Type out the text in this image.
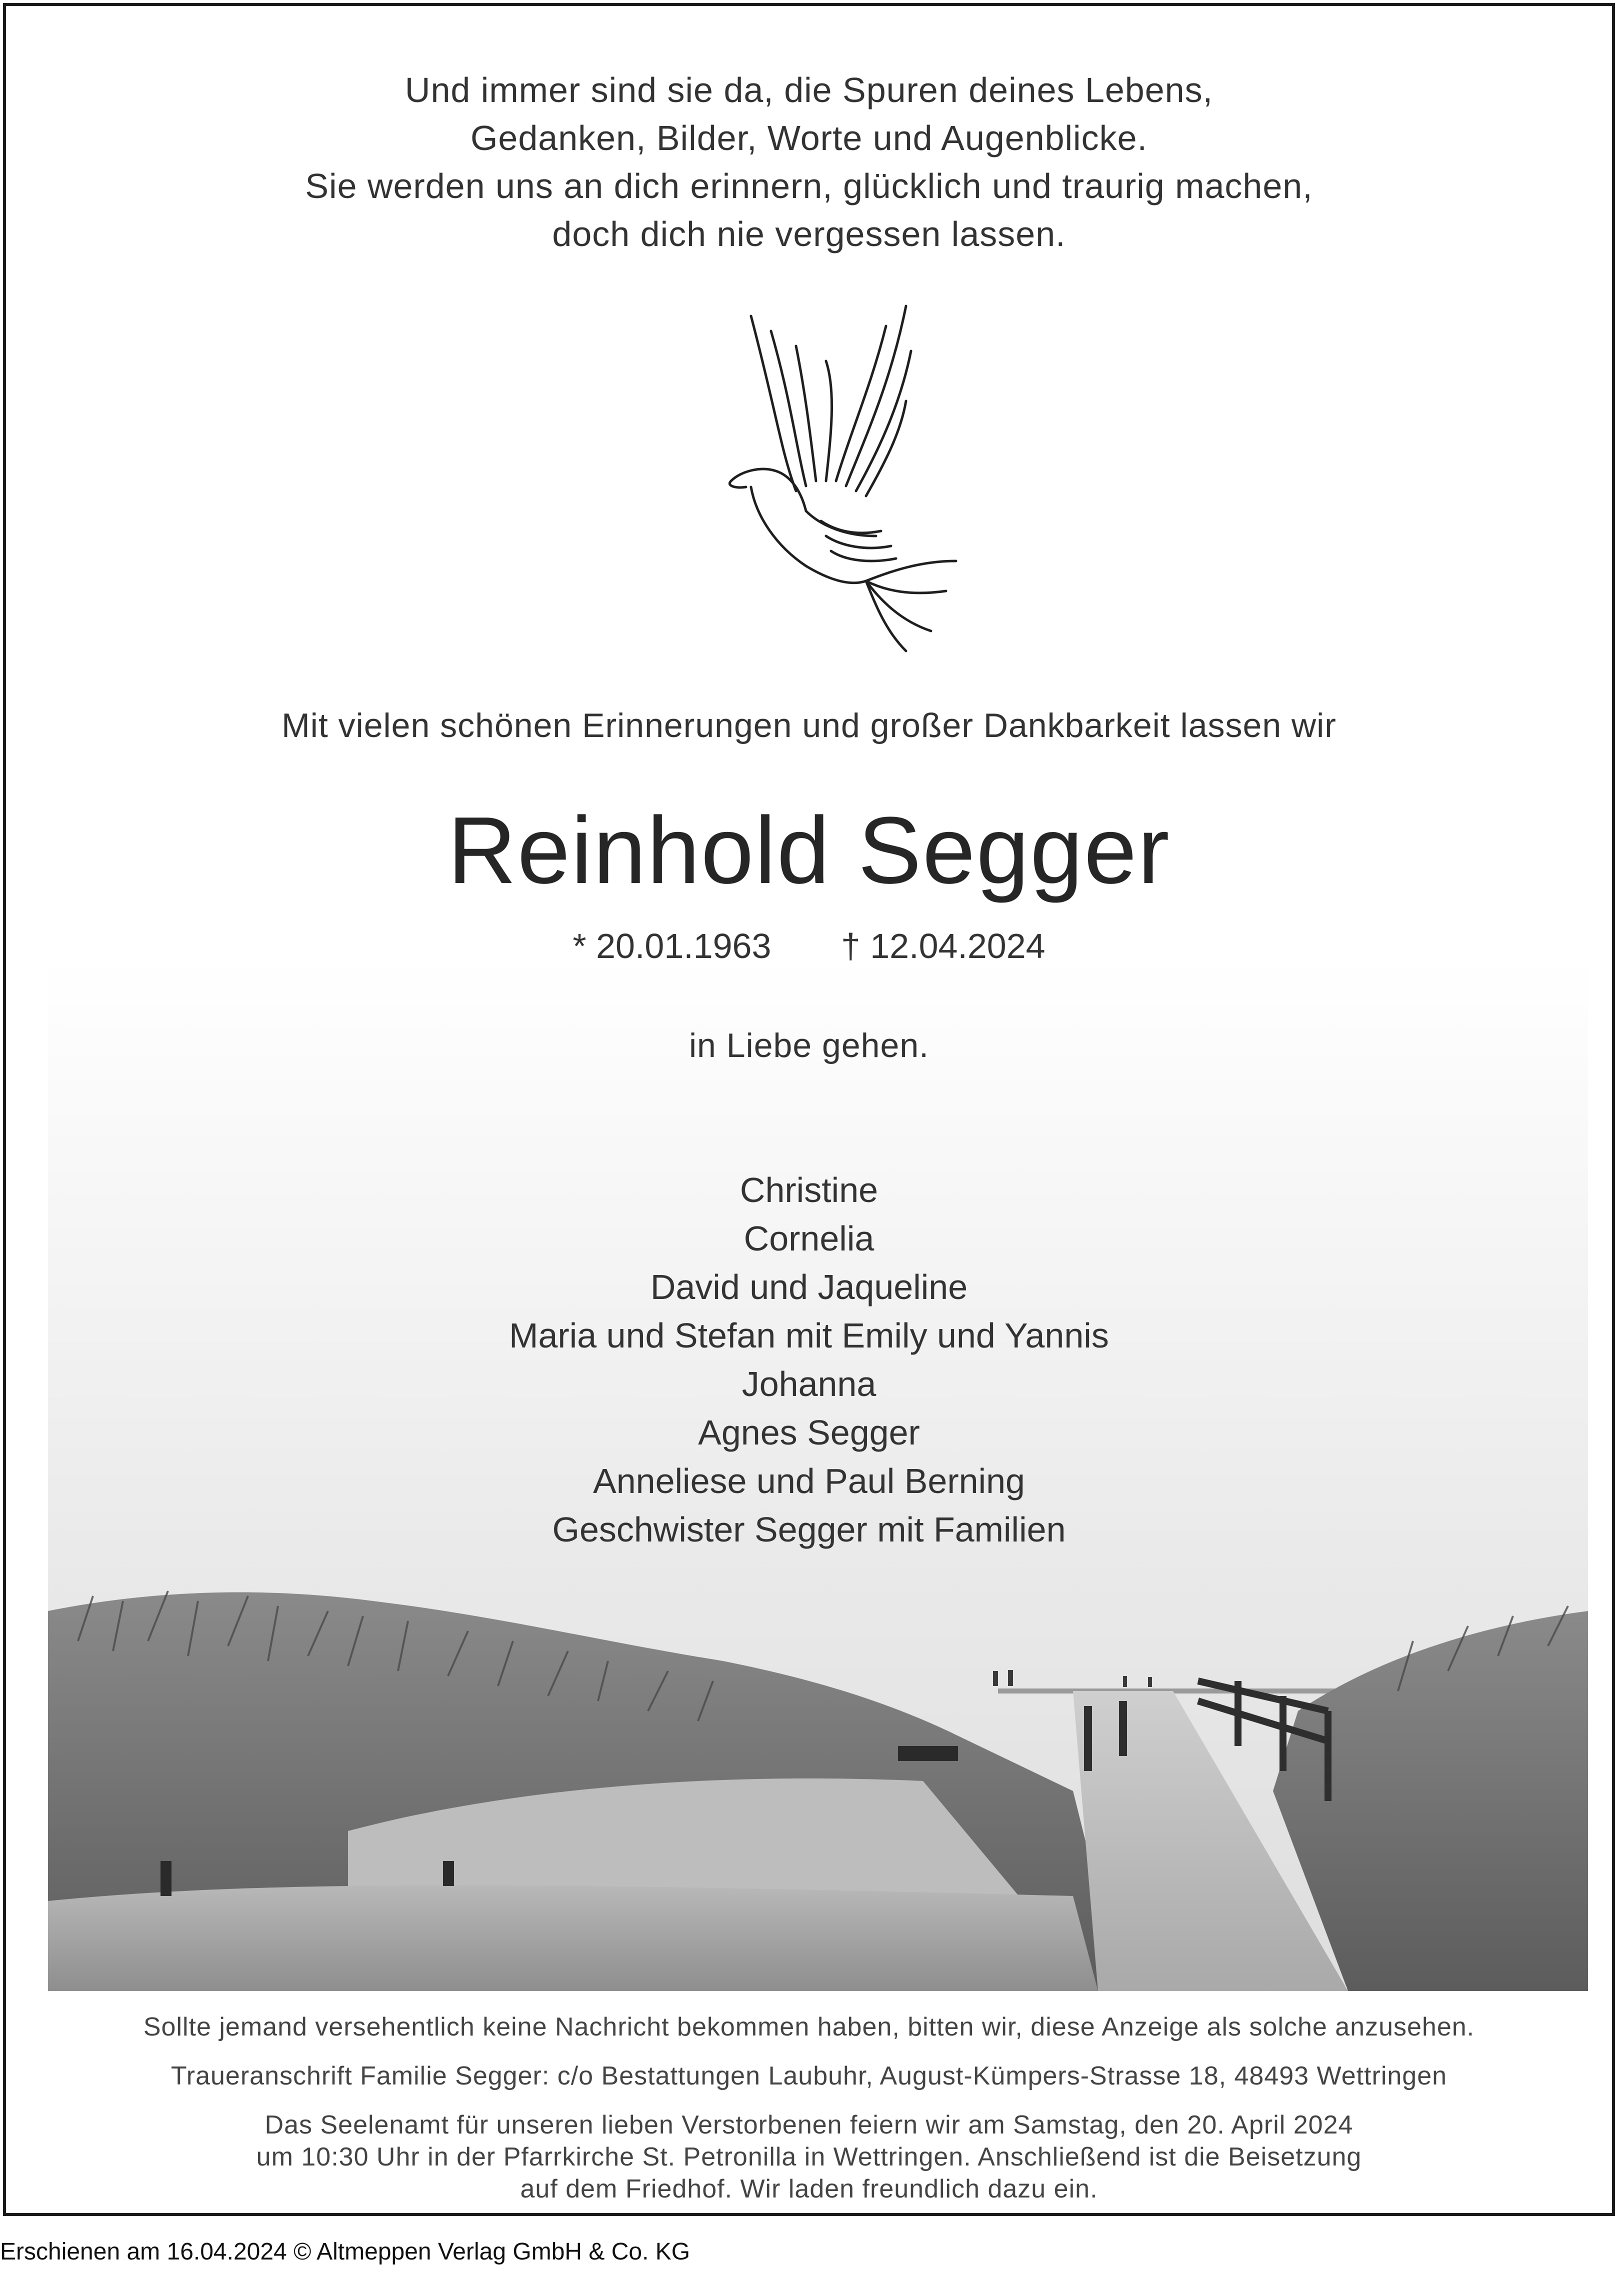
Und immer sind sie da, die Spuren deines Lebens,
Gedanken, Bilder, Worte und Augenblicke.
Sie werden uns an dich erinnern, glücklich und traurig machen,
doch dich nie vergessen lassen.
Mit vielen schönen Erinnerungen und großer Dankbarkeit lassen wir
Reinhold Segger
* 20.01.1963 † 12.04.2024
in Liebe gehen.
Christine
Cornelia
David und Jaqueline
Maria und Stefan mit Emily und Yannis
Johanna
Agnes Segger
Anneliese und Paul Berning
Geschwister Segger mit Familien
Sollte jemand versehentlich keine Nachricht bekommen haben, bitten wir, diese Anzeige als solche anzusehen.
Traueranschrift Familie Segger: c/o Bestattungen Laubuhr, August-Kümpers-Strasse 18, 48493 Wettringen
Das Seelenamt für unseren lieben Verstorbenen feiern wir am Samstag, den 20. April 2024
um 10:30 Uhr in der Pfarrkirche St. Petronilla in Wettringen. Anschließend ist die Beisetzung
auf dem Friedhof. Wir laden freundlich dazu ein.
Erschienen am 16.04.2024 © Altmeppen Verlag GmbH & Co. KG
